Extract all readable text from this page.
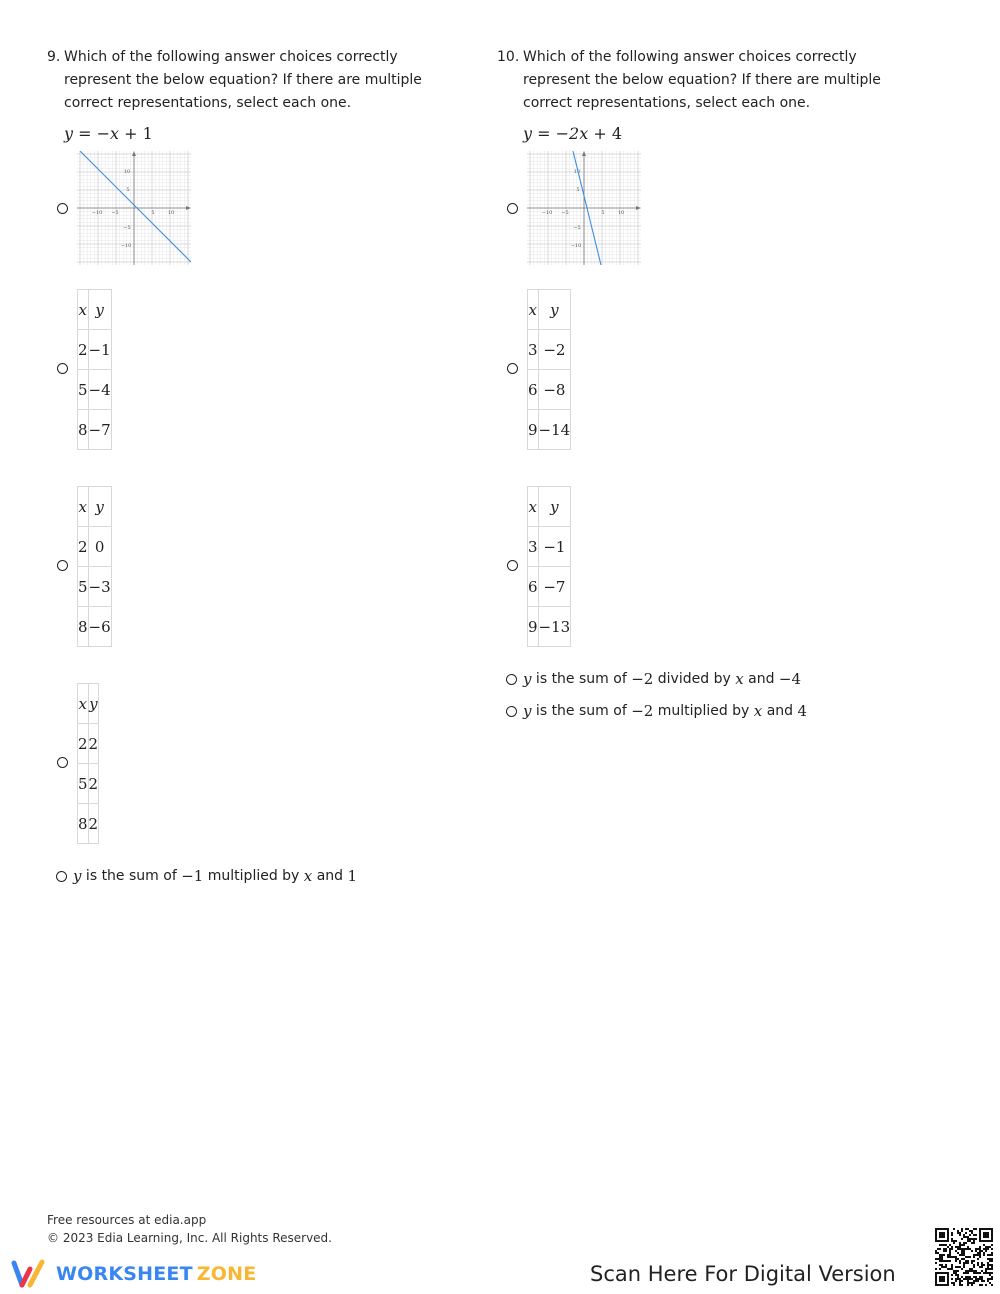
9. Which of the following answer choices correctly represent the below equation? If there are multiple correct representations, select each one.
y = −x + 1
−10 −5	5	10
10
5
−5
−10
x	y
2	−1
5	−4
8	−7
x	y
2	0
5	−3
8	−6
x	y
2	2
5	2
8	2
y is the sum of −1 multiplied by x and 1
10. Which of the following answer choices correctly represent the below equation? If there are multiple correct representations, select each one.
y = −2x + 4
−10 −5	5	10
10
5
−5
−10
x	y
3	−2
6	−8
9	−14
x	y
3	−1
6	−7
9	−13
y is the sum of −2 divided by x and −4
y is the sum of −2 multiplied by x and 4
Free resources at edia.app
© 2023 Edia Learning, Inc. All Rights Reserved.
WORKSHEET ZONE	Scan Here For Digital Version
